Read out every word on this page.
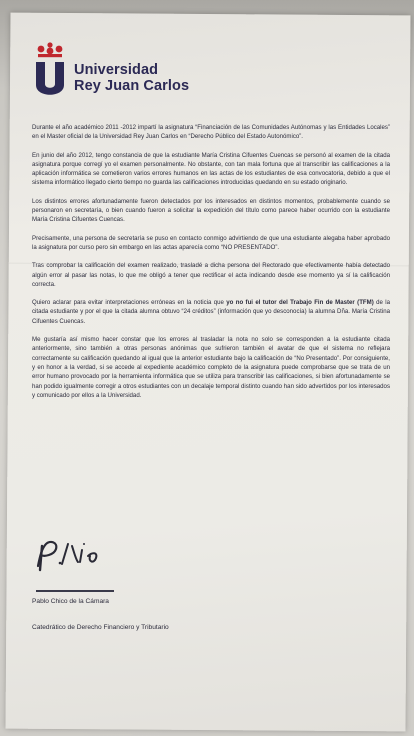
Universidad
Rey Juan Carlos

Durante el año académico 2011 -2012 impartí la asignatura “Financiación de las Comunidades Autónomas y las Entidades Locales” en el Master oficial de la Universidad Rey Juan Carlos en “Derecho Público del Estado Autonómico”.

En junio del año 2012, tengo constancia de que la estudiante María Cristina Cifuentes Cuencas se personó al examen de la citada asignatura porque corregí yo el examen personalmente. No obstante, con tan mala fortuna que al transcribir las calificaciones a la aplicación informática se cometieron varios errores humanos en las actas de los estudiantes de esa convocatoria, debido a que el sistema informático llegado cierto tiempo no guarda las calificaciones introducidas quedando en su estado originario.

Los distintos errores afortunadamente fueron detectados por los interesados en distintos momentos, probablemente cuando se personaron en secretaría, o bien cuando fueron a solicitar la expedición del título como parece haber ocurrido con la estudiante María Cristina Cifuentes Cuencas.

Precisamente, una persona de secretaría se puso en contacto conmigo advirtiendo de que una estudiante alegaba haber aprobado la asignatura por curso pero sin embargo en las actas aparecía como “NO PRESENTADO”.

Tras comprobar la calificación del examen realizado, trasladé a dicha persona del Rectorado que efectivamente había detectado algún error al pasar las notas, lo que me obligó a tener que rectificar el acta indicando desde ese momento ya sí la calificación correcta.

Quiero aclarar para evitar interpretaciones erróneas en la noticia que yo no fui el tutor del Trabajo Fin de Master (TFM) de la citada estudiante y por el que la citada alumna obtuvo “24 créditos” (información que yo desconocía) la alumna Dña. María Cristina Cifuentes Cuencas.

Me gustaría así mismo hacer constar que los errores al trasladar la nota no solo se corresponden a la estudiante citada anteriormente, sino también a otras personas anónimas que sufrieron también el avatar de que el sistema no reflejara correctamente su calificación quedando al igual que la anterior estudiante bajo la calificación de “No Presentado”. Por consiguiente, y en honor a la verdad, si se accede al expediente académico completo de la asignatura puede comprobarse que se trata de un error humano provocado por la herramienta informática que se utiliza para transcribir las calificaciones, si bien afortunadamente se han podido igualmente corregir a otros estudiantes con un decalaje temporal distinto cuando han sido advertidos por los interesados y comunicado por ellos a la Universidad.

Pablo Chico de la Cámara
Catedrático de Derecho Financiero y Tributario
